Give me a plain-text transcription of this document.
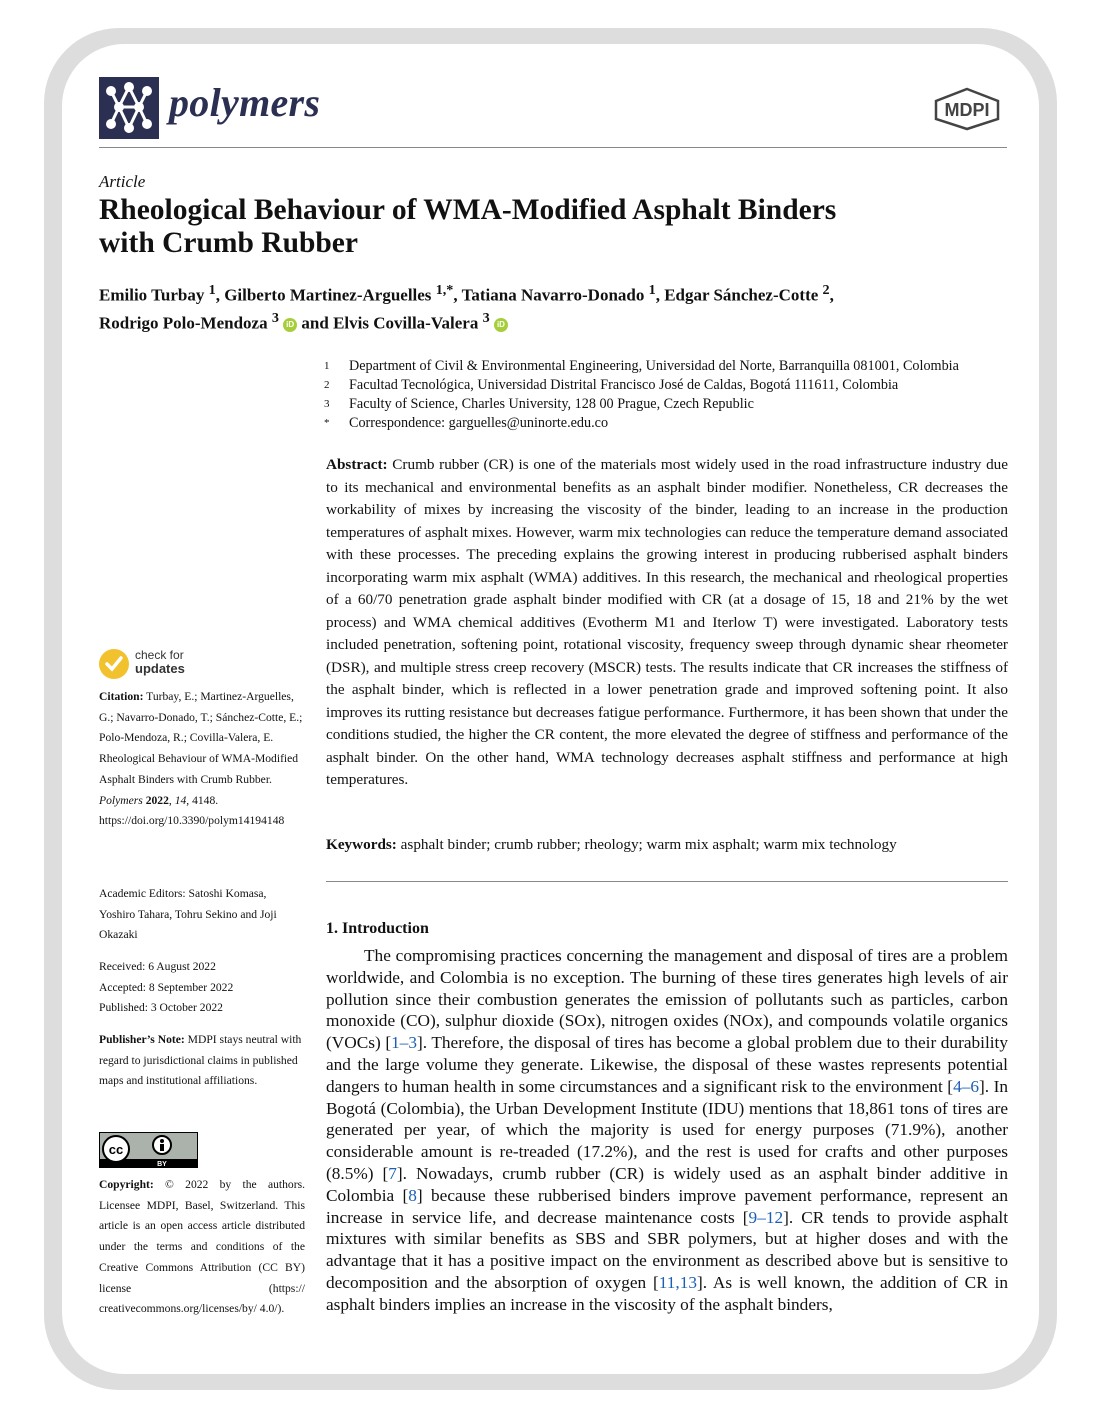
polymers	MDPI
Article
Rheological Behaviour of WMA-Modified Asphalt Binders
with Crumb Rubber
Emilio Turbay $^1$, Gilberto Martinez-Arguelles $^{1,*}$, Tatiana Navarro-Donado $^1$, Edgar Sánchez-Cotte $^2$,
Rodrigo Polo-Mendoza $^3$ iD and Elvis Covilla-Valera $^3$ iD
1	Department of Civil & Environmental Engineering, Universidad del Norte, Barranquilla 081001, Colombia
2	Facultad Tecnológica, Universidad Distrital Francisco José de Caldas, Bogotá 111611, Colombia
3	Faculty of Science, Charles University, 128 00 Prague, Czech Republic
*	Correspondence: garguelles@uninorte.edu.co
Abstract: Crumb rubber (CR) is one of the materials most widely used in the road infrastructure industry due to its mechanical and environmental benefits as an asphalt binder modifier. Nonetheless, CR decreases the workability of mixes by increasing the viscosity of the binder, leading to an increase in the production temperatures of asphalt mixes. However, warm mix technologies can reduce the temperature demand associated with these processes. The preceding explains the growing interest in producing rubberised asphalt binders incorporating warm mix asphalt (WMA) additives. In this research, the mechanical and rheological properties of a 60/70 penetration grade asphalt binder modified with CR (at a dosage of 15, 18 and 21% by the wet process) and WMA chemical additives (Evotherm M1 and Iterlow T) were investigated. Laboratory tests included penetration, softening point, rotational viscosity, frequency sweep through dynamic shear rheometer (DSR), and multiple stress creep recovery (MSCR) tests. The results indicate that CR increases the stiffness of the asphalt binder, which is reflected in a lower penetration grade and improved softening point. It also improves its rutting resistance but decreases fatigue performance. Furthermore, it has been shown that under the conditions studied, the higher the CR content, the more elevated the degree of stiffness and performance of the asphalt binder. On the other hand, WMA technology decreases asphalt stiffness and performance at high temperatures.
Keywords: asphalt binder; crumb rubber; rheology; warm mix asphalt; warm mix technology
1. Introduction
The compromising practices concerning the management and disposal of tires are a problem worldwide, and Colombia is no exception. The burning of these tires generates high levels of air pollution since their combustion generates the emission of pollutants such as particles, carbon monoxide (CO), sulphur dioxide (SOx), nitrogen oxides (NOx), and compounds volatile organics (VOCs) [1–3]. Therefore, the disposal of tires has become a global problem due to their durability and the large volume they generate. Likewise, the disposal of these wastes represents potential dangers to human health in some circumstances and a significant risk to the environment [4–6]. In Bogotá (Colombia), the Urban Development Institute (IDU) mentions that 18,861 tons of tires are generated per year, of which the majority is used for energy purposes (71.9%), another considerable amount is re-treaded (17.2%), and the rest is used for crafts and other purposes (8.5%) [7]. Nowadays, crumb rubber (CR) is widely used as an asphalt binder additive in Colombia [8] because these rubberised binders improve pavement performance, represent an increase in service life, and decrease maintenance costs [9–12]. CR tends to provide asphalt mixtures with similar benefits as SBS and SBR polymers, but at higher doses and with the advantage that it has a positive impact on the environment as described above but is sensitive to decomposition and the absorption of oxygen [11,13]. As is well known, the addition of CR in asphalt binders implies an increase in the viscosity of the asphalt binders,
check for
updates
Citation: Turbay, E.; Martinez-Arguelles, G.; Navarro-Donado, T.; Sánchez-Cotte, E.; Polo-Mendoza, R.; Covilla-Valera, E. Rheological Behaviour of WMA-Modified Asphalt Binders with Crumb Rubber. Polymers 2022, 14, 4148. https://doi.org/10.3390/polym14194148
Academic Editors: Satoshi Komasa, Yoshiro Tahara, Tohru Sekino and Joji Okazaki
Received: 6 August 2022
Accepted: 8 September 2022
Published: 3 October 2022
Publisher’s Note: MDPI stays neutral with regard to jurisdictional claims in published maps and institutional affiliations.
cc
BY
Copyright: © 2022 by the authors. Licensee MDPI, Basel, Switzerland. This article is an open access article distributed under the terms and conditions of the Creative Commons Attribution (CC BY) license (https:// creativecommons.org/licenses/by/ 4.0/).
